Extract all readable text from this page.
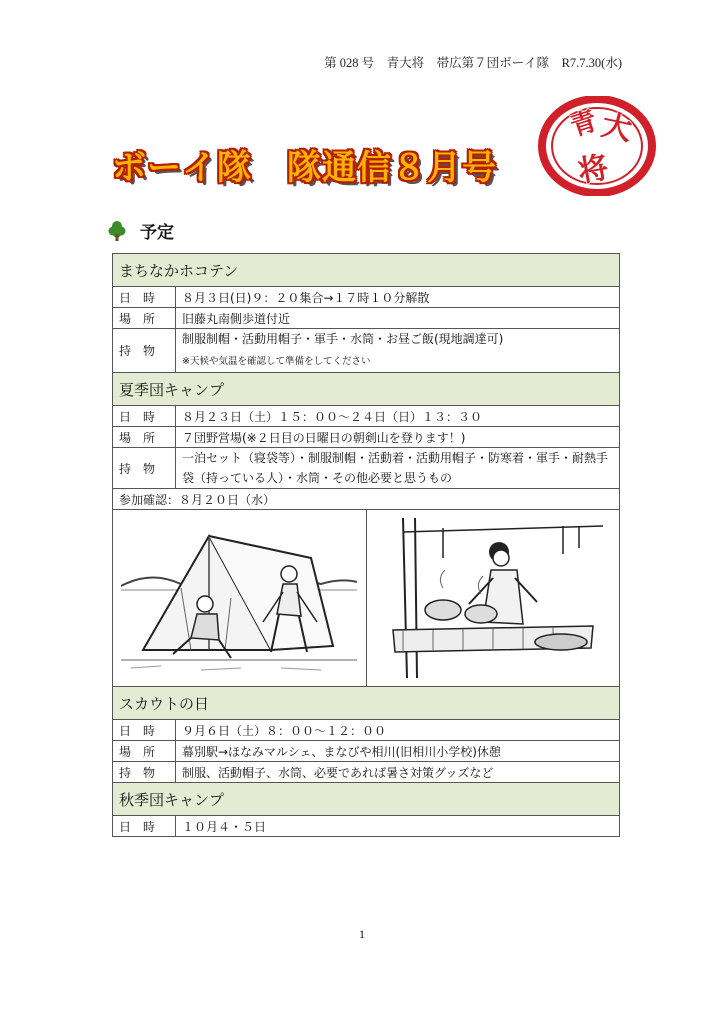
第 028 号　青大将　帯広第７団ボーイ隊　R7.7.30(水)
ボーイ隊　隊通信８月号
青
大
将
予定
まちなかホコテン	
日時	８月３日(日)９：２０集合→１７時１０分解散
場所	旧藤丸南側歩道付近
持物	制服制帽・活動用帽子・軍手・水筒・お昼ご飯(現地調達可)
※天候や気温を確認して準備をしてください

夏季団キャンプ	
日時	８月２３日（土）１５：００～２４日（日）１３：３０
場所	７団野営場(※２日目の日曜日の朝剣山を登ります！)
持物	一泊セット（寝袋等）・制服制帽・活動着・活動用帽子・防寒着・軍手・耐熱手袋（持っている人）・水筒・その他必要と思うもの
参加確認：８月２０日（水）	

スカウトの日	
日時	９月６日（土）８：００～１２：００
場所	幕別駅→ほなみマルシェ、まなびや相川(旧相川小学校)休憩
持物	制服、活動帽子、水筒、必要であれば暑さ対策グッズなど
秋季団キャンプ	
日時	１０月４・５日
1
